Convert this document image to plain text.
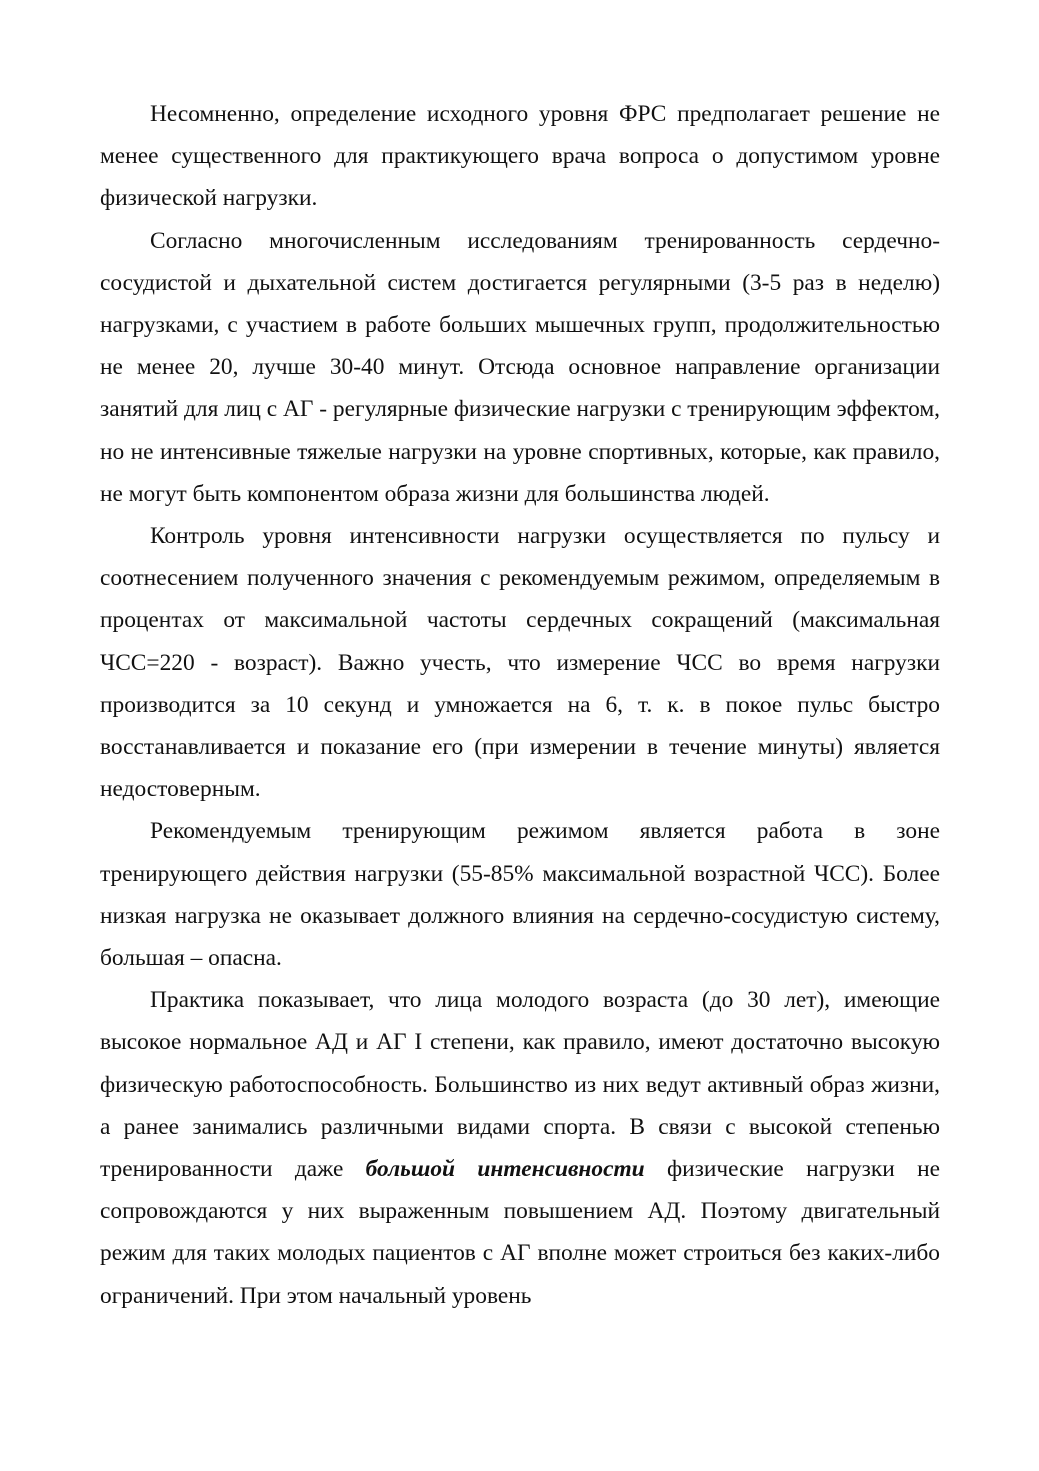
Несомненно, определение исходного уровня ФРС предполагает решение не менее существенного для практикующего врача вопроса о допустимом уровне физической нагрузки.

Согласно многочисленным исследованиям тренированность сердечно-сосудистой и дыхательной систем достигается регулярными (3-5 раз в неделю) нагрузками, с участием в работе больших мышечных групп, продолжительностью не менее 20, лучше 30-40 минут. Отсюда основное направление организации занятий для лиц с АГ - регулярные физические нагрузки с тренирующим эффектом, но не интенсивные тяжелые нагрузки на уровне спортивных, которые, как правило, не могут быть компонентом образа жизни для большинства людей.

Контроль уровня интенсивности нагрузки осуществляется по пульсу и соотнесением полученного значения с рекомендуемым режимом, определяемым в процентах от максимальной частоты сердечных сокращений (максимальная ЧСС=220 - возраст). Важно учесть, что измерение ЧСС во время нагрузки производится за 10 секунд и умножается на 6, т. к. в покое пульс быстро восстанавливается и показание его (при измерении в течение минуты) является недостоверным.

Рекомендуемым тренирующим режимом является работа в зоне тренирующего действия нагрузки (55-85% максимальной возрастной ЧСС). Более низкая нагрузка не оказывает должного влияния на сердечно-сосудистую систему, большая – опасна.

Практика показывает, что лица молодого возраста (до 30 лет), имеющие высокое нормальное АД и АГ I степени, как правило, имеют достаточно высокую физическую работоспособность. Большинство из них ведут активный образ жизни, а ранее занимались различными видами спорта. В связи с высокой степенью тренированности даже большой интенсивности физические нагрузки не сопровождаются у них выраженным повышением АД. Поэтому двигательный режим для таких молодых пациентов с АГ вполне может строиться без каких-либо ограничений. При этом начальный уровень
